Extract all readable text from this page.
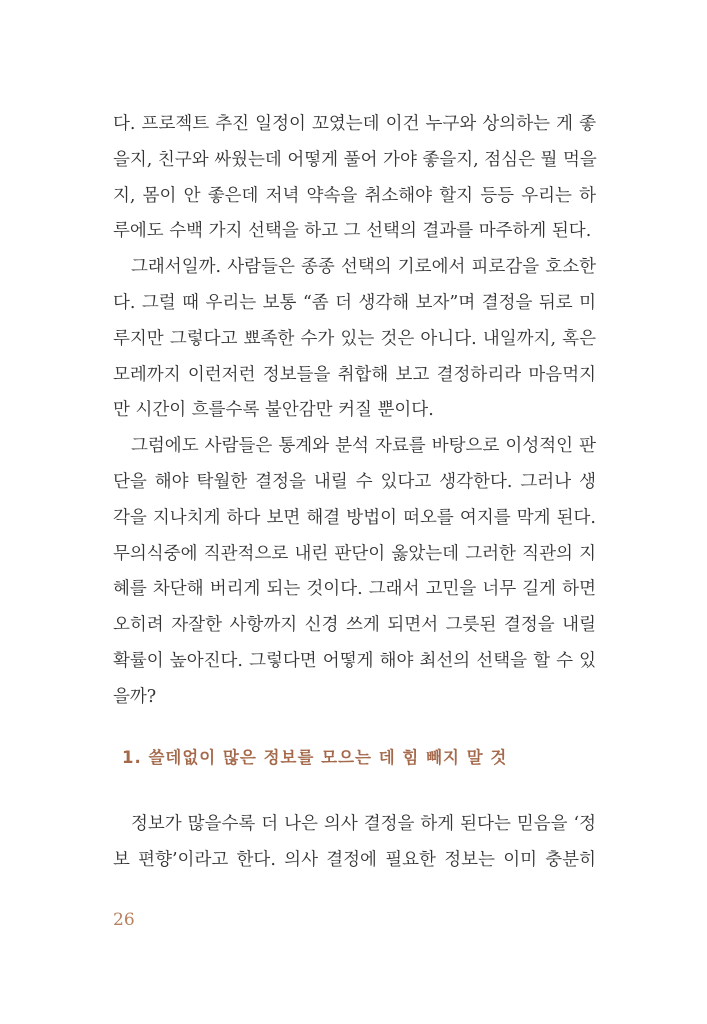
다. 프로젝트 추진 일정이 꼬였는데 이건 누구와 상의하는 게 좋
을지, 친구와 싸웠는데 어떻게 풀어 가야 좋을지, 점심은 뭘 먹을
지, 몸이 안 좋은데 저녁 약속을 취소해야 할지 등등 우리는 하
루에도 수백 가지 선택을 하고 그 선택의 결과를 마주하게 된다.
그래서일까. 사람들은 종종 선택의 기로에서 피로감을 호소한
다. 그럴 때 우리는 보통 “좀 더 생각해 보자”며 결정을 뒤로 미
루지만 그렇다고 뾰족한 수가 있는 것은 아니다. 내일까지, 혹은
모레까지 이런저런 정보들을 취합해 보고 결정하리라 마음먹지
만 시간이 흐를수록 불안감만 커질 뿐이다.
그럼에도 사람들은 통계와 분석 자료를 바탕으로 이성적인 판
단을 해야 탁월한 결정을 내릴 수 있다고 생각한다. 그러나 생
각을 지나치게 하다 보면 해결 방법이 떠오를 여지를 막게 된다.
무의식중에 직관적으로 내린 판단이 옳았는데 그러한 직관의 지
혜를 차단해 버리게 되는 것이다. 그래서 고민을 너무 길게 하면
오히려 자잘한 사항까지 신경 쓰게 되면서 그릇된 결정을 내릴
확률이 높아진다. 그렇다면 어떻게 해야 최선의 선택을 할 수 있
을까?
1. 쓸데없이 많은 정보를 모으는 데 힘 빼지 말 것
정보가 많을수록 더 나은 의사 결정을 하게 된다는 믿음을 ‘정
보 편향’이라고 한다. 의사 결정에 필요한 정보는 이미 충분히
26
